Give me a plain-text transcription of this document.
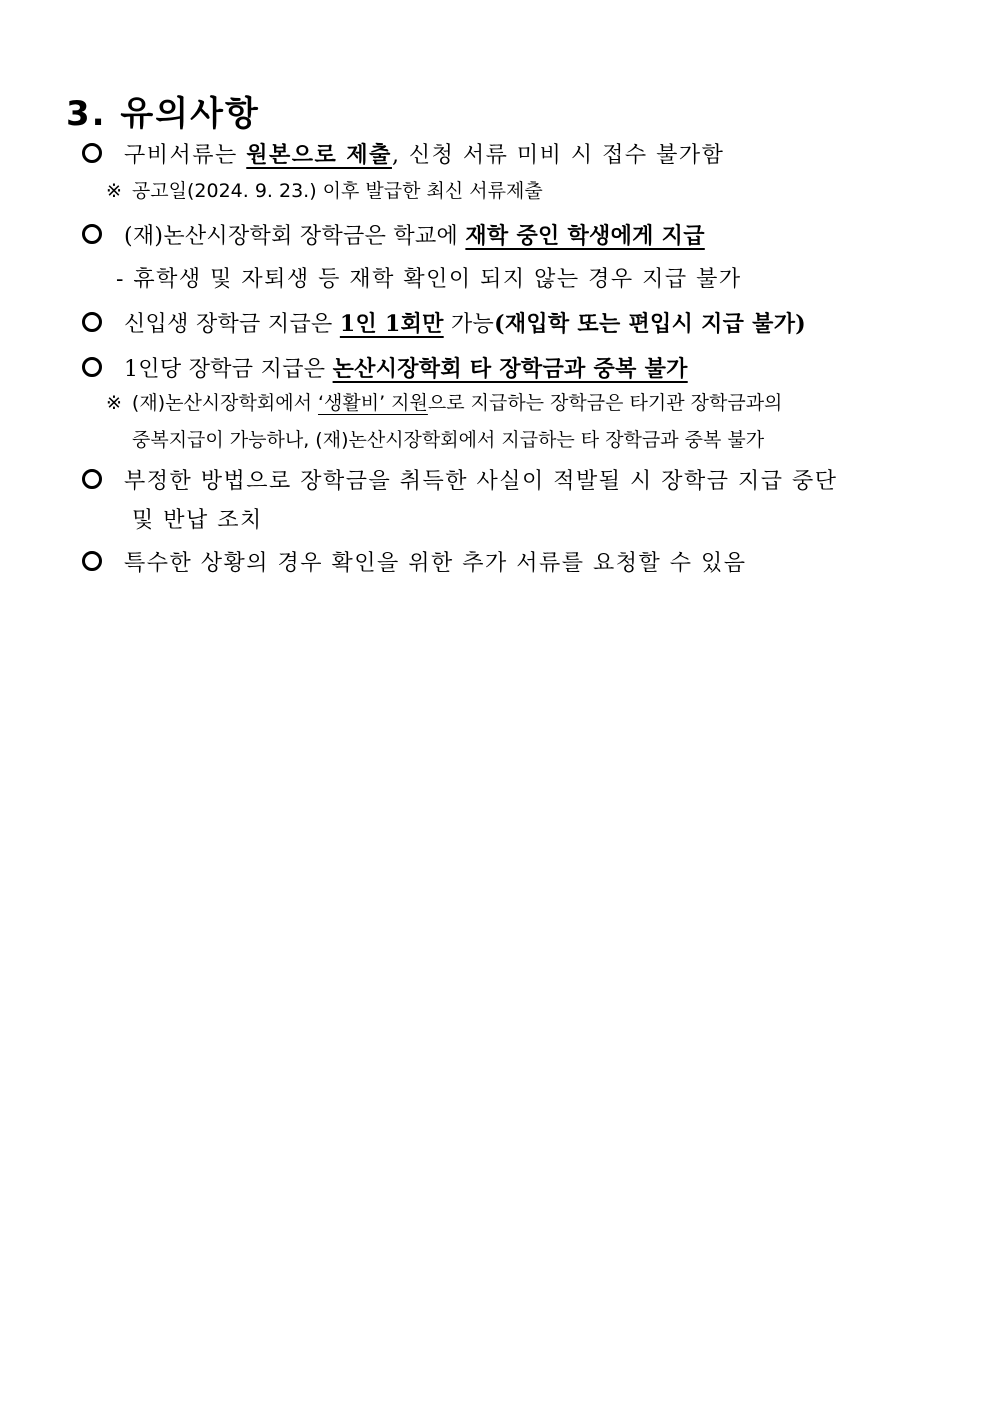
3. 유의사항
구비서류는 원본으로 제출, 신청 서류 미비 시 접수 불가함
※ 공고일(2024. 9. 23.) 이후 발급한 최신 서류제출
(재)논산시장학회 장학금은 학교에 재학 중인 학생에게 지급
- 휴학생 및 자퇴생 등 재학 확인이 되지 않는 경우 지급 불가
신입생 장학금 지급은 1인 1회만 가능(재입학 또는 편입시 지급 불가)
1인당 장학금 지급은 논산시장학회 타 장학금과 중복 불가
※ (재)논산시장학회에서 ‘생활비’ 지원으로 지급하는 장학금은 타기관 장학금과의
중복지급이 가능하나, (재)논산시장학회에서 지급하는 타 장학금과 중복 불가
부정한 방법으로 장학금을 취득한 사실이 적발될 시 장학금 지급 중단
및 반납 조치
특수한 상황의 경우 확인을 위한 추가 서류를 요청할 수 있음
